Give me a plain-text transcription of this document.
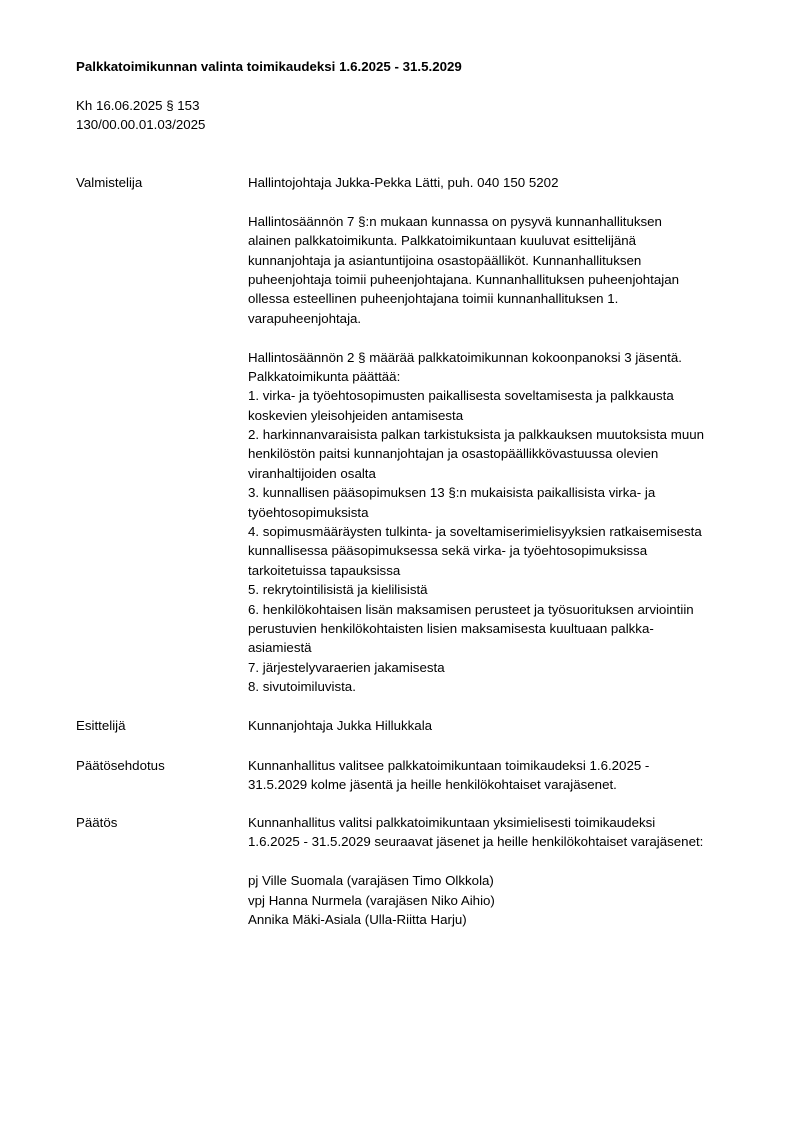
Palkkatoimikunnan valinta toimikaudeksi 1.6.2025 - 31.5.2029
Kh 16.06.2025 § 153
130/00.00.01.03/2025
Valmistelija	Hallintojohtaja Jukka-Pekka Lätti, puh. 040 150 5202
Hallintosäännön 7 §:n mukaan kunnassa on pysyvä kunnanhallituksen
alainen palkkatoimikunta. Palkkatoimikuntaan kuuluvat esittelijänä
kunnanjohtaja ja asiantuntijoina osastopäälliköt. Kunnanhallituksen
puheenjohtaja toimii puheenjohtajana. Kunnanhallituksen puheenjohtajan
ollessa esteellinen puheenjohtajana toimii kunnanhallituksen 1.
varapuheenjohtaja.
Hallintosäännön 2 § määrää palkkatoimikunnan kokoonpanoksi 3 jäsentä.
Palkkatoimikunta päättää:
1. virka- ja työehtosopimusten paikallisesta soveltamisesta ja palkkausta
koskevien yleisohjeiden antamisesta
2. harkinnanvaraisista palkan tarkistuksista ja palkkauksen muutoksista muun
henkilöstön paitsi kunnanjohtajan ja osastopäällikkövastuussa olevien
viranhaltijoiden osalta
3. kunnallisen pääsopimuksen 13 §:n mukaisista paikallisista virka- ja
työehtosopimuksista
4. sopimusmääräysten tulkinta- ja soveltamiserimielisyyksien ratkaisemisesta
kunnallisessa pääsopimuksessa sekä virka- ja työehtosopimuksissa
tarkoitetuissa tapauksissa
5. rekrytointilisistä ja kielilisistä
6. henkilökohtaisen lisän maksamisen perusteet ja työsuorituksen arviointiin
perustuvien henkilökohtaisten lisien maksamisesta kuultuaan palkka-
asiamiestä
7. järjestelyvaraerien jakamisesta
8. sivutoimiluvista.
Esittelijä	Kunnanjohtaja Jukka Hillukkala
Päätösehdotus	Kunnanhallitus valitsee palkkatoimikuntaan toimikaudeksi 1.6.2025 -
31.5.2029 kolme jäsentä ja heille henkilökohtaiset varajäsenet.
Päätös	Kunnanhallitus valitsi palkkatoimikuntaan yksimielisesti toimikaudeksi
1.6.2025 - 31.5.2029 seuraavat jäsenet ja heille henkilökohtaiset varajäsenet:
pj Ville Suomala (varajäsen Timo Olkkola)
vpj Hanna Nurmela (varajäsen Niko Aihio)
Annika Mäki-Asiala (Ulla-Riitta Harju)
